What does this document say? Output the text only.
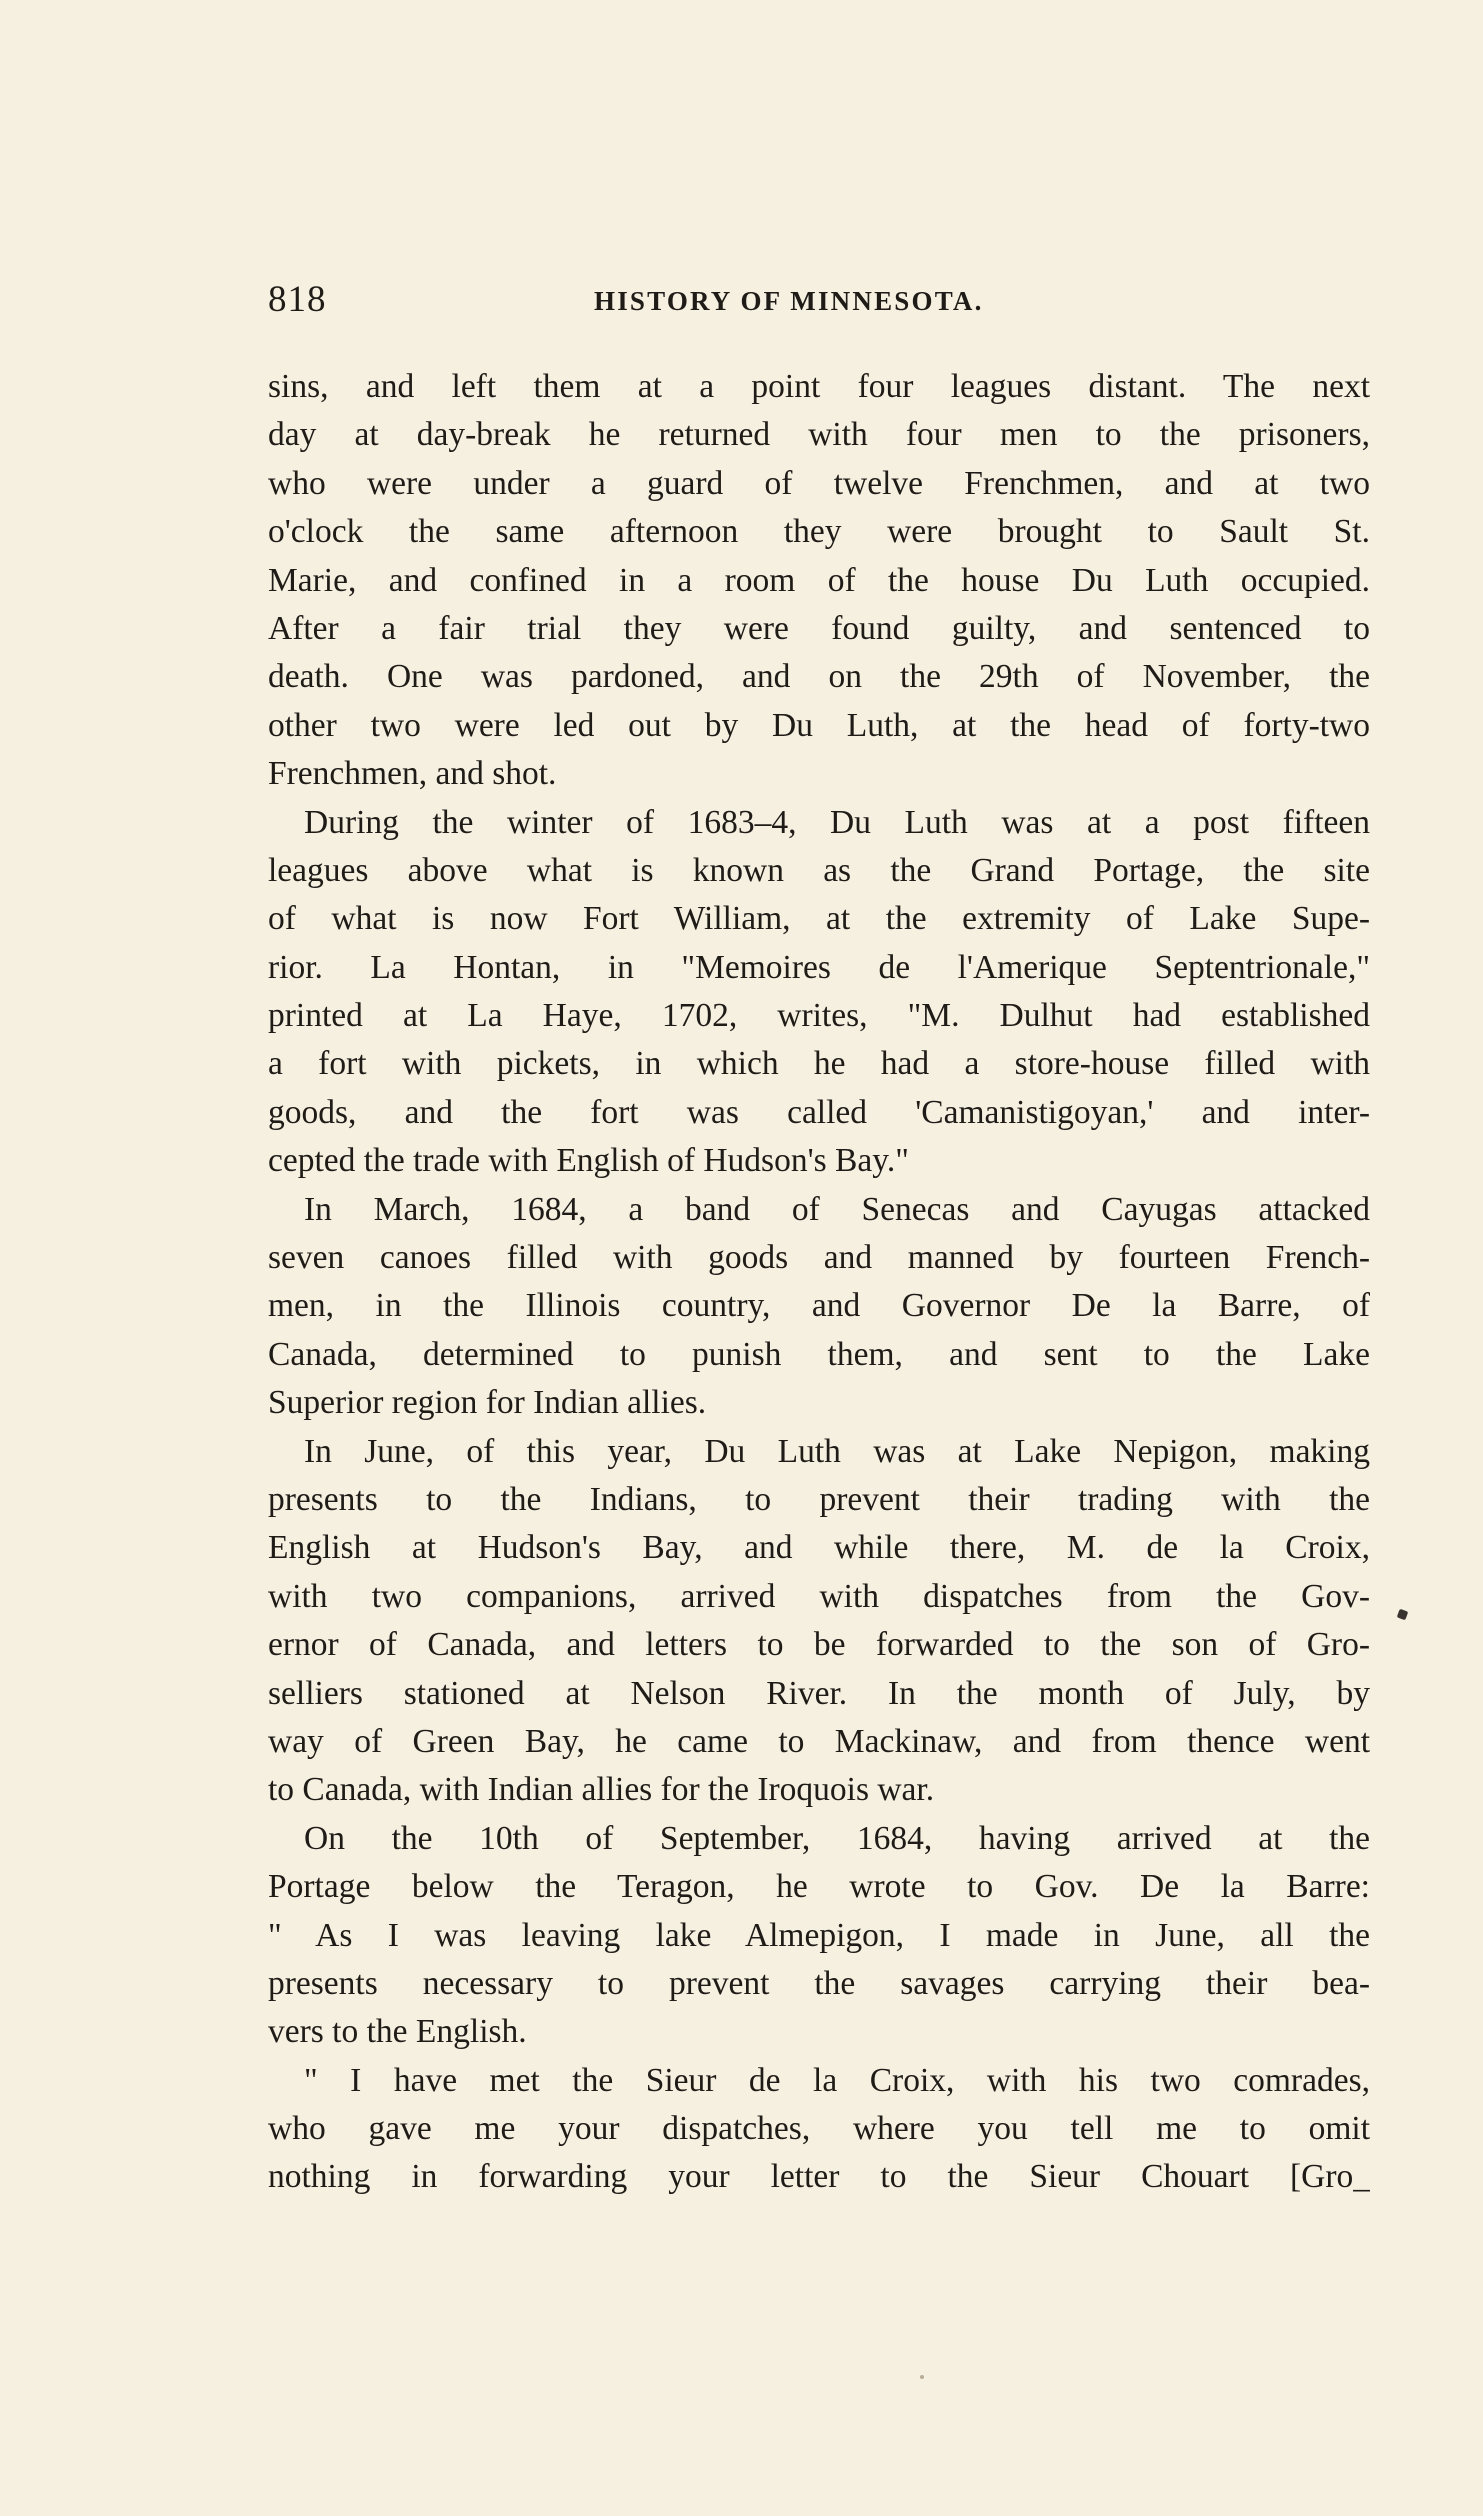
818	HISTORY OF MINNESOTA.
sins, and left them at a point four leagues distant. The next
day at day-break he returned with four men to the prisoners,
who were under a guard of twelve Frenchmen, and at two
o'clock the same afternoon they were brought to Sault St.
Marie, and confined in a room of the house Du Luth occupied.
After a fair trial they were found guilty, and sentenced to
death. One was pardoned, and on the 29th of November, the
other two were led out by Du Luth, at the head of forty-two
Frenchmen, and shot.
During the winter of 1683–4, Du Luth was at a post fifteen
leagues above what is known as the Grand Portage, the site
of what is now Fort William, at the extremity of Lake Supe-
rior. La Hontan, in "Memoires de l'Amerique Septentrionale,"
printed at La Haye, 1702, writes, "M. Dulhut had established
a fort with pickets, in which he had a store-house filled with
goods, and the fort was called 'Camanistigoyan,' and inter-
cepted the trade with English of Hudson's Bay."
In March, 1684, a band of Senecas and Cayugas attacked
seven canoes filled with goods and manned by fourteen French-
men, in the Illinois country, and Governor De la Barre, of
Canada, determined to punish them, and sent to the Lake
Superior region for Indian allies.
In June, of this year, Du Luth was at Lake Nepigon, making
presents to the Indians, to prevent their trading with the
English at Hudson's Bay, and while there, M. de la Croix,
with two companions, arrived with dispatches from the Gov-
ernor of Canada, and letters to be forwarded to the son of Gro-
selliers stationed at Nelson River. In the month of July, by
way of Green Bay, he came to Mackinaw, and from thence went
to Canada, with Indian allies for the Iroquois war.
On the 10th of September, 1684, having arrived at the
Portage below the Teragon, he wrote to Gov. De la Barre:
" As I was leaving lake Almepigon, I made in June, all the
presents necessary to prevent the savages carrying their bea-
vers to the English.
" I have met the Sieur de la Croix, with his two comrades,
who gave me your dispatches, where you tell me to omit
nothing in forwarding your letter to the Sieur Chouart [Gro_
